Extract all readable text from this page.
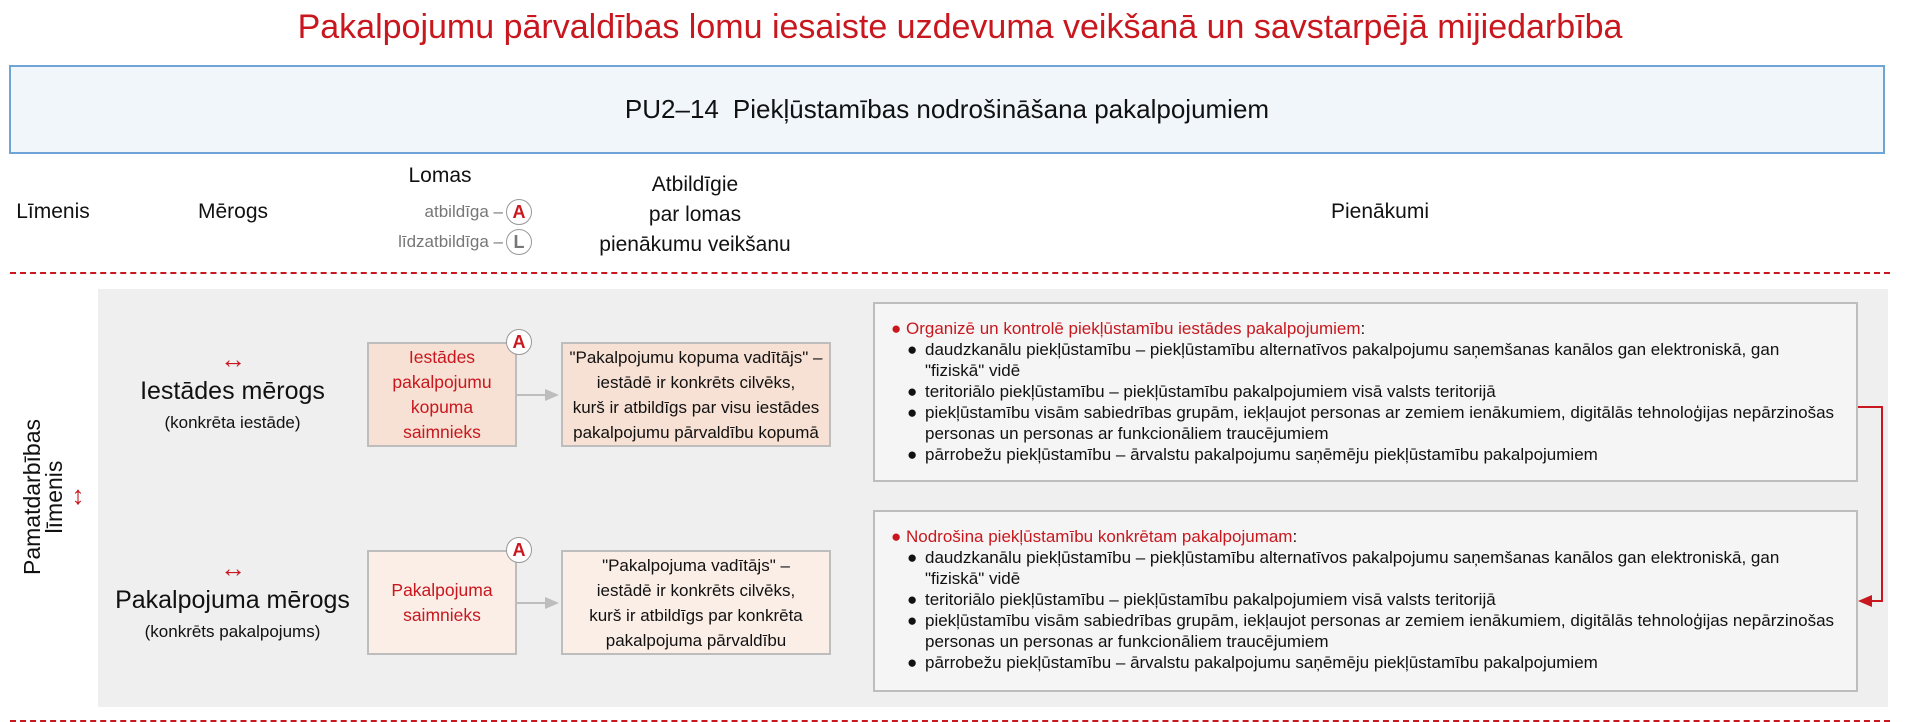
Pakalpojumu pārvaldības lomu iesaiste uzdevuma veikšanā un savstarpējā mijiedarbība
PU2–14 Piekļūstamības nodrošināšana pakalpojumiem
Līmenis	Mērogs
Lomas
atbildīga – A
līdzatbildīga – L
Atbildīgie
par lomas
pienākumu veikšanu
Pienākumi
Pamatdarbības
līmenis ↕
↔
Iestādes mērogs
(konkrēta iestāde)
Iestādes
pakalpojumu
kopuma
saimnieks
A
"Pakalpojumu kopuma vadītājs" –
iestādē ir konkrēts cilvēks,
kurš ir atbildīgs par visu iestādes
pakalpojumu pārvaldību kopumā
● Organizē un kontrolē piekļūstamību iestādes pakalpojumiem:
● daudzkanālu piekļūstamību – piekļūstamību alternatīvos pakalpojumu saņemšanas kanālos gan elektroniskā, gan "fiziskā" vidē
● teritoriālo piekļūstamību – piekļūstamību pakalpojumiem visā valsts teritorijā
● piekļūstamību visām sabiedrības grupām, iekļaujot personas ar zemiem ienākumiem, digitālās tehnoloģijas nepārzinošas personas un personas ar funkcionāliem traucējumiem
● pārrobežu piekļūstamību – ārvalstu pakalpojumu saņēmēju piekļūstamību pakalpojumiem
↔
Pakalpojuma mērogs
(konkrēts pakalpojums)
Pakalpojuma
saimnieks
A
"Pakalpojuma vadītājs" –
iestādē ir konkrēts cilvēks,
kurš ir atbildīgs par konkrēta
pakalpojuma pārvaldību
● Nodrošina piekļūstamību konkrētam pakalpojumam:
● daudzkanālu piekļūstamību – piekļūstamību alternatīvos pakalpojumu saņemšanas kanālos gan elektroniskā, gan "fiziskā" vidē
● teritoriālo piekļūstamību – piekļūstamību pakalpojumiem visā valsts teritorijā
● piekļūstamību visām sabiedrības grupām, iekļaujot personas ar zemiem ienākumiem, digitālās tehnoloģijas nepārzinošas personas un personas ar funkcionāliem traucējumiem
● pārrobežu piekļūstamību – ārvalstu pakalpojumu saņēmēju piekļūstamību pakalpojumiem
